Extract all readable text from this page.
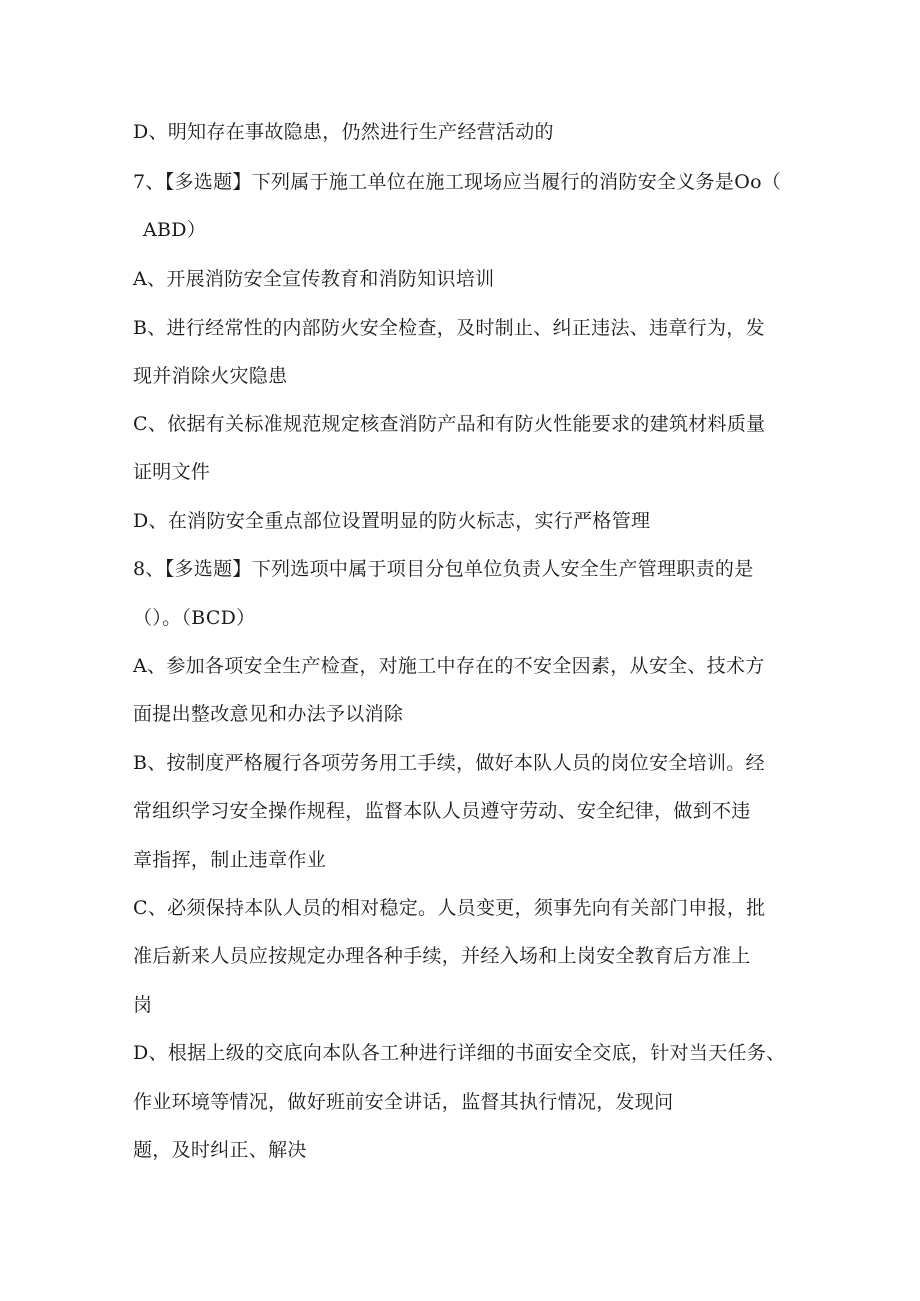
D、明知存在事故隐患，仍然进行生产经营活动的
7、【多选题】下列属于施工单位在施工现场应当履行的消防安全义务是Oo（
ABD）
A、开展消防安全宣传教育和消防知识培训
B、进行经常性的内部防火安全检查，及时制止、纠正违法、违章行为，发
现并消除火灾隐患
C、依据有关标准规范规定核查消防产品和有防火性能要求的建筑材料质量
证明文件
D、在消防安全重点部位设置明显的防火标志，实行严格管理
8、【多选题】下列选项中属于项目分包单位负责人安全生产管理职责的是
（）。（BCD）
A、参加各项安全生产检查，对施工中存在的不安全因素，从安全、技术方
面提出整改意见和办法予以消除
B、按制度严格履行各项劳务用工手续，做好本队人员的岗位安全培训。经
常组织学习安全操作规程，监督本队人员遵守劳动、安全纪律，做到不违
章指挥，制止违章作业
C、必须保持本队人员的相对稳定。人员变更，须事先向有关部门申报，批
准后新来人员应按规定办理各种手续，并经入场和上岗安全教育后方准上
岗
D、根据上级的交底向本队各工种进行详细的书面安全交底，针对当天任务、
作业环境等情况，做好班前安全讲话，监督其执行情况，发现问
题，及时纠正、解决
